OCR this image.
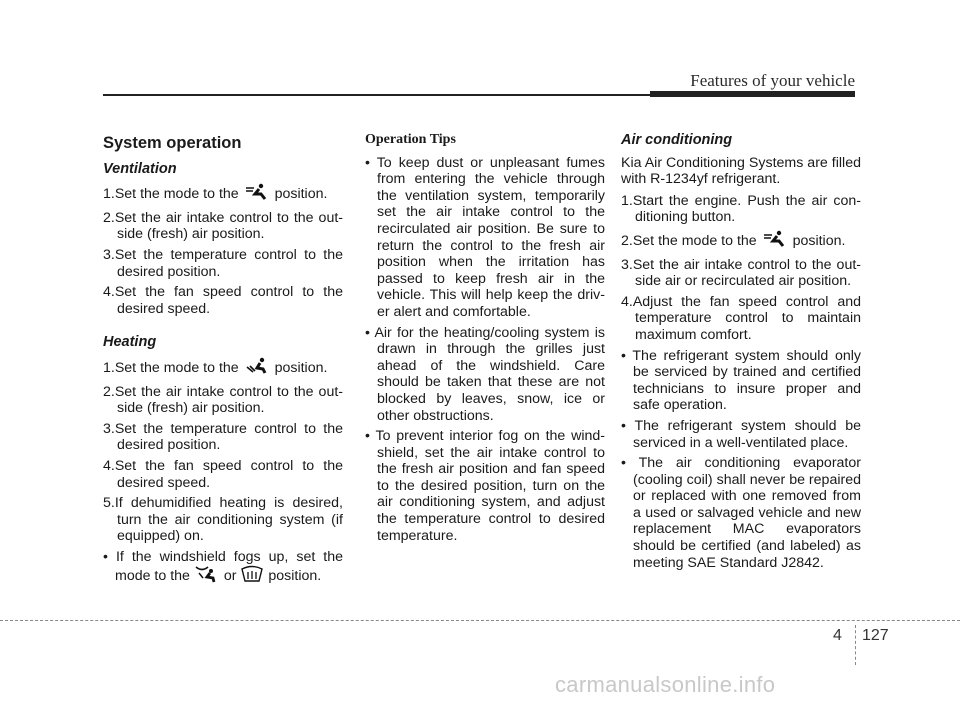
Features of your vehicle
System operation
Ventilation
1.Set the mode to the	position.
2.Set the air intake control to the out- side (fresh) air position.
3.Set the temperature control to the desired position.
4.Set the fan speed control to the desired speed.
Heating
1.Set the mode to the	position.
2.Set the air intake control to the out- side (fresh) air position.
3.Set the temperature control to the desired position.
4.Set the fan speed control to the desired speed.
5.If dehumidified heating is desired, turn the air conditioning system (if equipped) on.
• If the windshield fogs up, set the mode to the or position.
Operation Tips
• To keep dust or unpleasant fumes from entering the vehicle through the ventilation system, temporarily set the air intake control to the recirculated air position. Be sure to return the control to the fresh air position when the irritation has passed to keep fresh air in the vehicle. This will help keep the driv- er alert and comfortable.
• Air for the heating/cooling system is drawn in through the grilles just ahead of the windshield. Care should be taken that these are not blocked by leaves, snow, ice or other obstructions.
• To prevent interior fog on the wind- shield, set the air intake control to the fresh air position and fan speed to the desired position, turn on the air conditioning system, and adjust the temperature control to desired temperature.
Air conditioning
Kia Air Conditioning Systems are filled with R-1234yf refrigerant.
1.Start the engine. Push the air con- ditioning button.
2.Set the mode to the	position.
3.Set the air intake control to the out- side air or recirculated air position.
4.Adjust the fan speed control and temperature control to maintain maximum comfort.
• The refrigerant system should only be serviced by trained and certified technicians to insure proper and safe operation.
• The refrigerant system should be serviced in a well-ventilated place.
• The air conditioning evaporator (cooling coil) shall never be repaired or replaced with one removed from a used or salvaged vehicle and new replacement MAC evaporators should be certified (and labeled) as meeting SAE Standard J2842.
4 127
carmanualsonline.info
